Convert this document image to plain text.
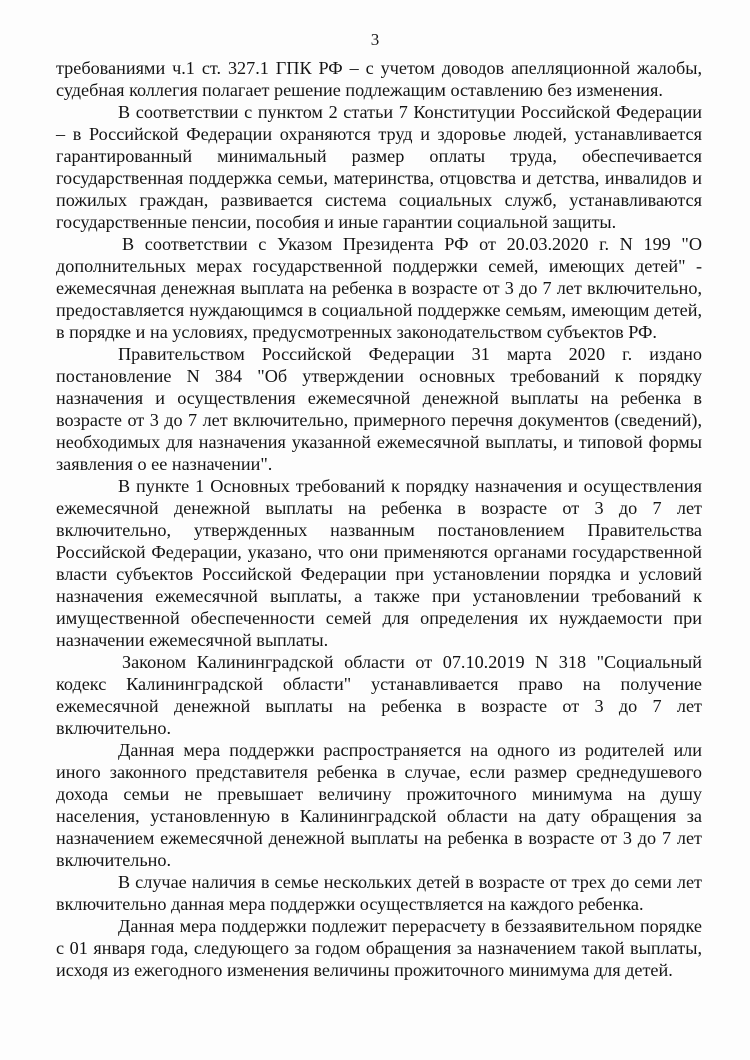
3

требованиями ч.1 ст. 327.1 ГПК РФ – с учетом доводов апелляционной жалобы, судебная коллегия полагает решение подлежащим оставлению без изменения.

В соответствии с пунктом 2 статьи 7 Конституции Российской Федерации – в Российской Федерации охраняются труд и здоровье людей, устанавливается гарантированный минимальный размер оплаты труда, обеспечивается государственная поддержка семьи, материнства, отцовства и детства, инвалидов и пожилых граждан, развивается система социальных служб, устанавливаются государственные пенсии, пособия и иные гарантии социальной защиты.

В соответствии с Указом Президента РФ от 20.03.2020 г. N 199 "О дополнительных мерах государственной поддержки семей, имеющих детей" - ежемесячная денежная выплата на ребенка в возрасте от 3 до 7 лет включительно, предоставляется нуждающимся в социальной поддержке семьям, имеющим детей, в порядке и на условиях, предусмотренных законодательством субъектов РФ.

Правительством Российской Федерации 31 марта 2020 г. издано постановление N 384 "Об утверждении основных требований к порядку назначения и осуществления ежемесячной денежной выплаты на ребенка в возрасте от 3 до 7 лет включительно, примерного перечня документов (сведений), необходимых для назначения указанной ежемесячной выплаты, и типовой формы заявления о ее назначении".

В пункте 1 Основных требований к порядку назначения и осуществления ежемесячной денежной выплаты на ребенка в возрасте от 3 до 7 лет включительно, утвержденных названным постановлением Правительства Российской Федерации, указано, что они применяются органами государственной власти субъектов Российской Федерации при установлении порядка и условий назначения ежемесячной выплаты, а также при установлении требований к имущественной обеспеченности семей для определения их нуждаемости при назначении ежемесячной выплаты.

Законом Калининградской области от 07.10.2019 N 318 "Социальный кодекс Калининградской области" устанавливается право на получение ежемесячной денежной выплаты на ребенка в возрасте от 3 до 7 лет включительно.

Данная мера поддержки распространяется на одного из родителей или иного законного представителя ребенка в случае, если размер среднедушевого дохода семьи не превышает величину прожиточного минимума на душу населения, установленную в Калининградской области на дату обращения за назначением ежемесячной денежной выплаты на ребенка в возрасте от 3 до 7 лет включительно.

В случае наличия в семье нескольких детей в возрасте от трех до семи лет включительно данная мера поддержки осуществляется на каждого ребенка.

Данная мера поддержки подлежит перерасчету в беззаявительном порядке с 01 января года, следующего за годом обращения за назначением такой выплаты, исходя из ежегодного изменения величины прожиточного минимума для детей.
